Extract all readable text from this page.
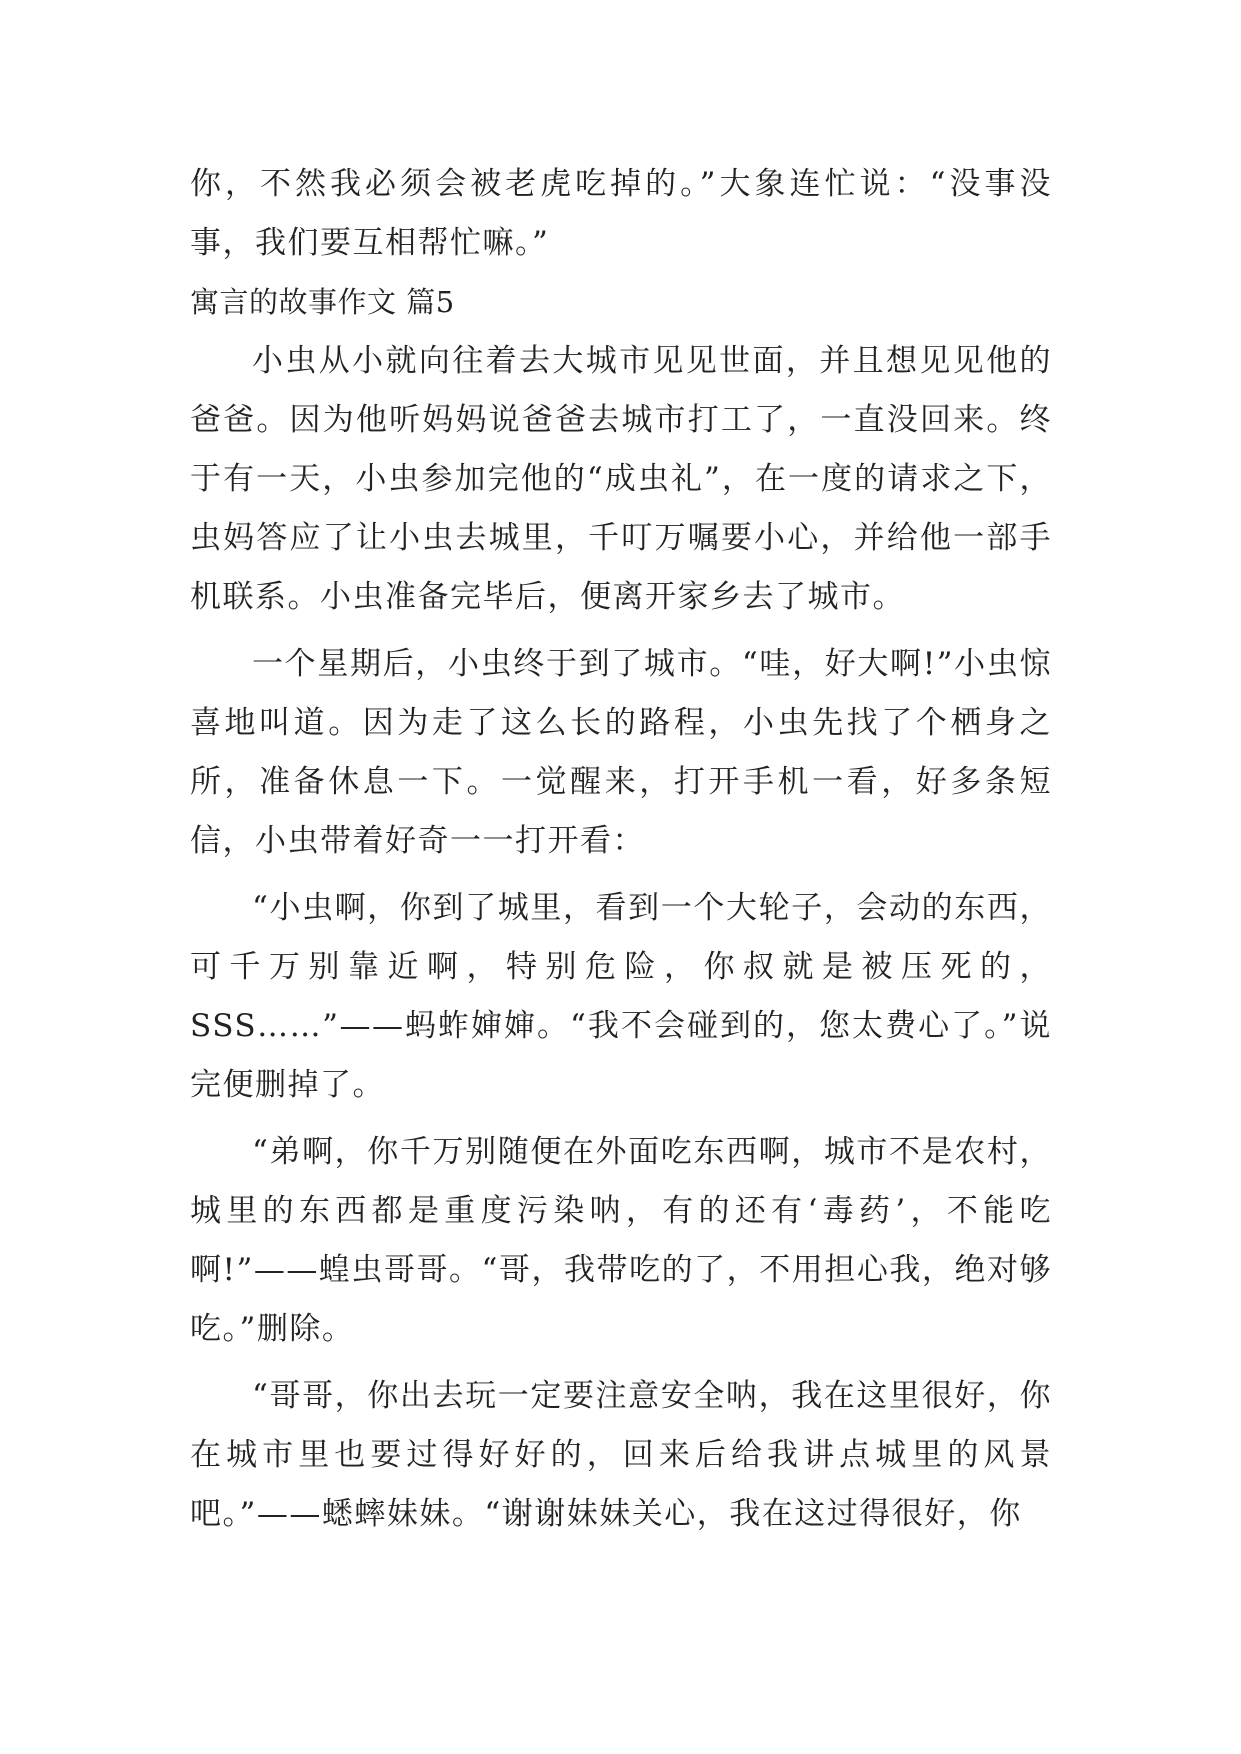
你，不然我必须会被老虎吃掉的。”大象连忙说：“没事没事，我们要互相帮忙嘛。”

寓言的故事作文 篇5

小虫从小就向往着去大城市见见世面，并且想见见他的爸爸。因为他听妈妈说爸爸去城市打工了，一直没回来。终于有一天，小虫参加完他的“成虫礼”，在一度的请求之下，虫妈答应了让小虫去城里，千叮万嘱要小心，并给他一部手机联系。小虫准备完毕后，便离开家乡去了城市。

一个星期后，小虫终于到了城市。“哇，好大啊!”小虫惊喜地叫道。因为走了这么长的路程，小虫先找了个栖身之所，准备休息一下。一觉醒来，打开手机一看，好多条短信，小虫带着好奇一一打开看：

“小虫啊，你到了城里，看到一个大轮子，会动的东西，可千万别靠近啊，特别危险，你叔就是被压死的，SSS……”——蚂蚱婶婶。“我不会碰到的，您太费心了。”说完便删掉了。

“弟啊，你千万别随便在外面吃东西啊，城市不是农村，城里的东西都是重度污染呐，有的还有‘毒药’，不能吃啊!”——蝗虫哥哥。“哥，我带吃的了，不用担心我，绝对够吃。”删除。

“哥哥，你出去玩一定要注意安全呐，我在这里很好，你在城市里也要过得好好的，回来后给我讲点城里的风景吧。”——蟋蟀妹妹。“谢谢妹妹关心，我在这过得很好，你
